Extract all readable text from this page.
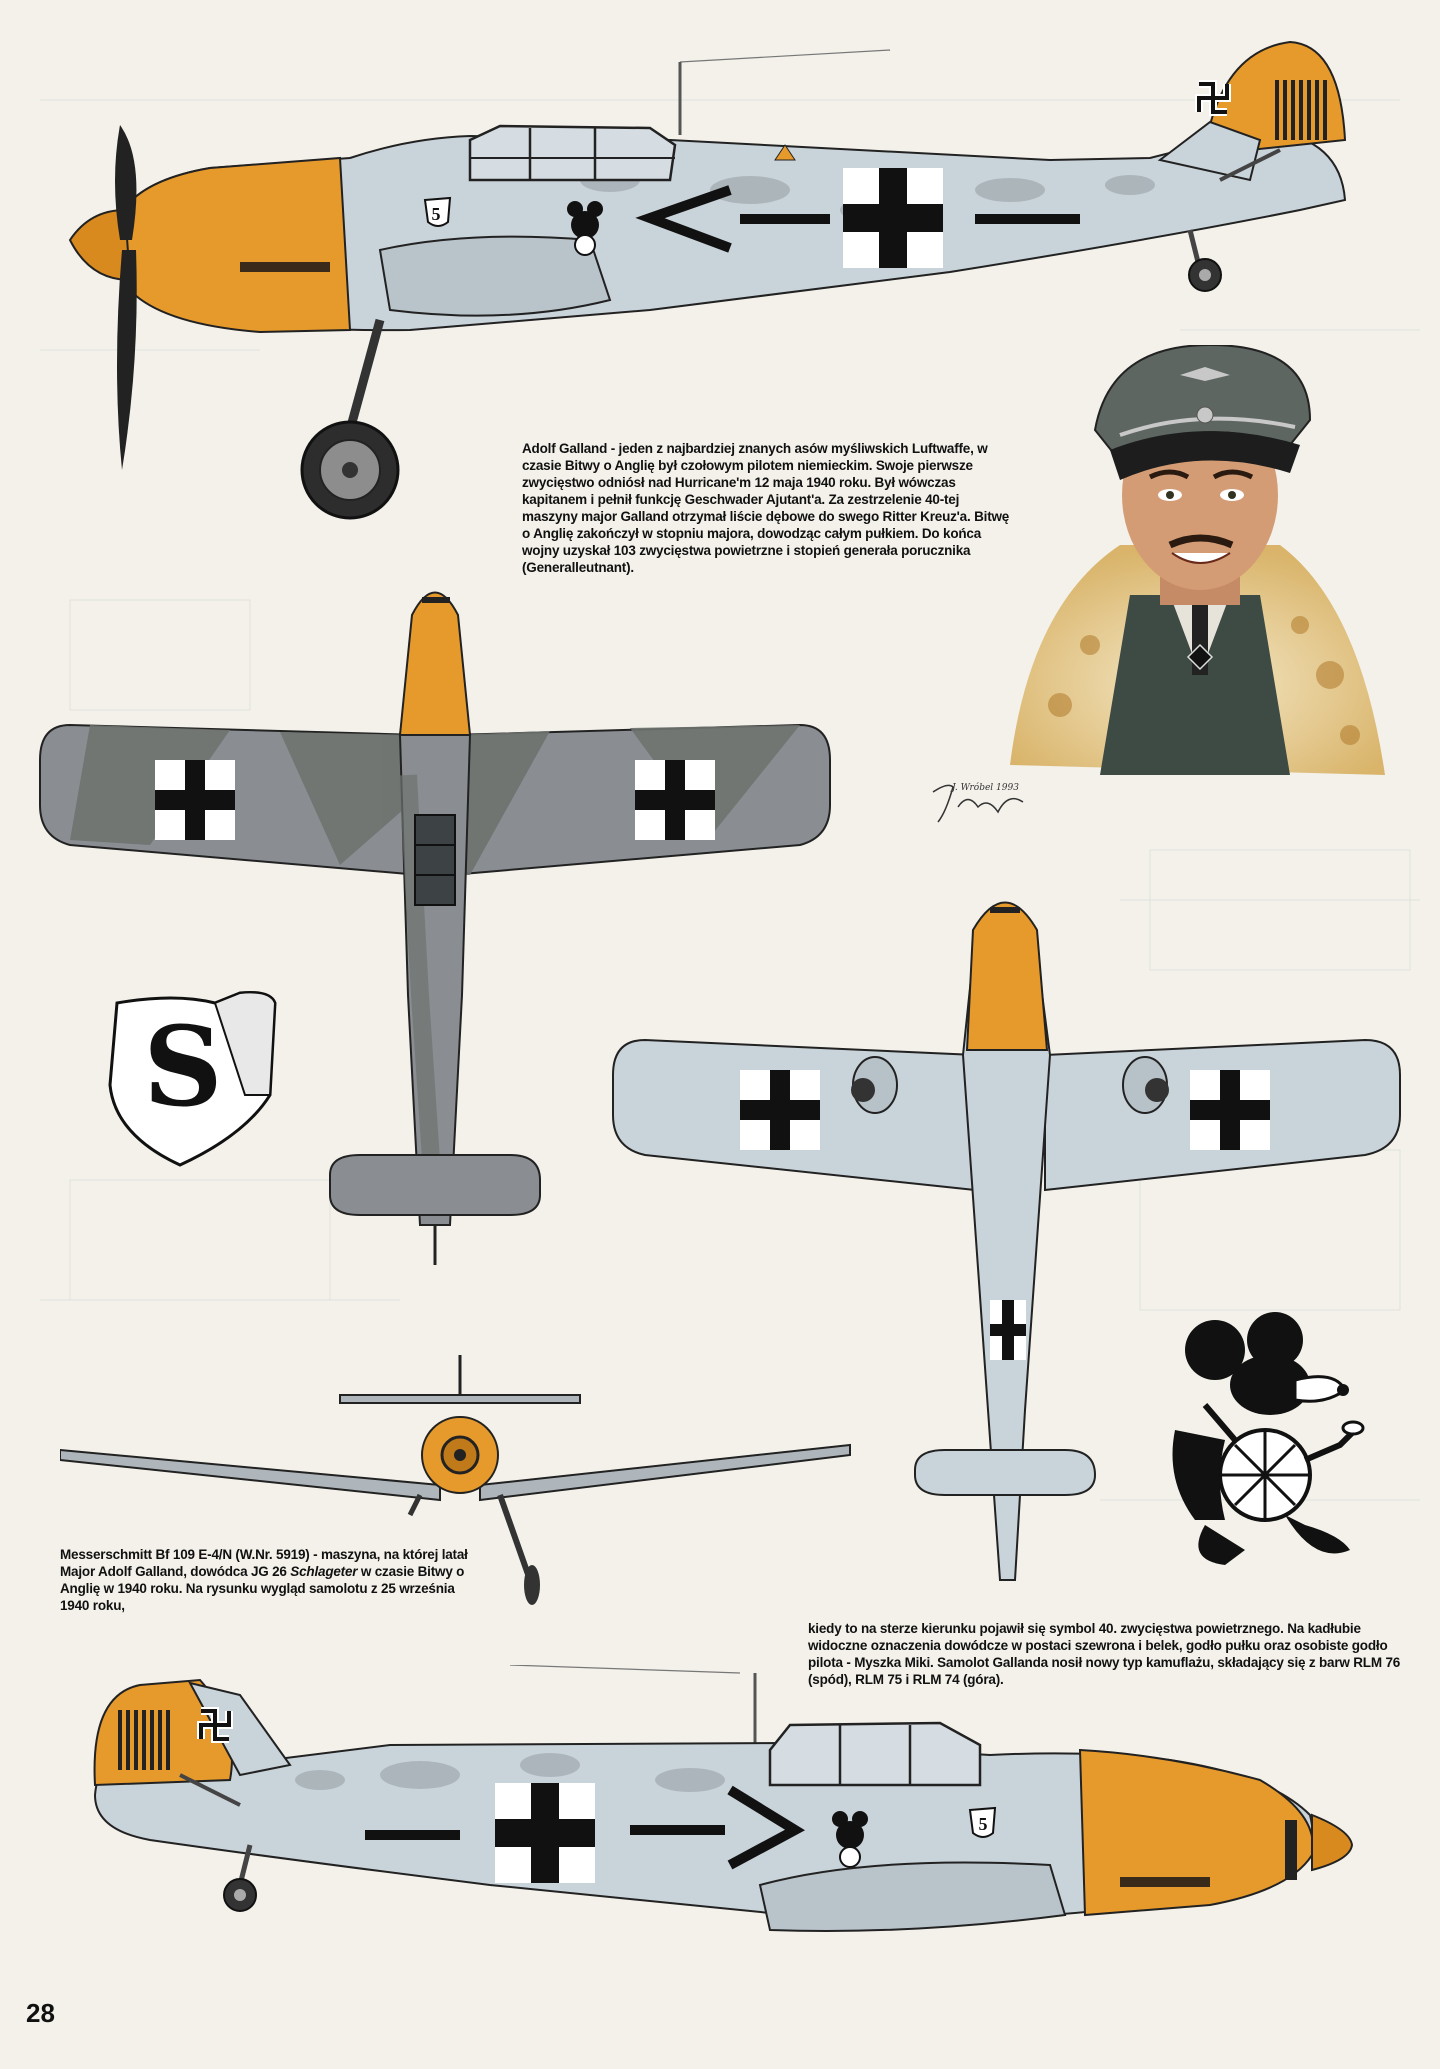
5
J. Wróbel 1993
S
5
Adolf Galland - jeden z najbardziej znanych asów myśliwskich Luftwaffe, w czasie Bitwy o Anglię był czołowym pilotem niemieckim. Swoje pierwsze zwycięstwo odniósł nad Hurricane'm 12 maja 1940 roku. Był wówczas kapitanem i pełnił funkcję Geschwader Ajutant'a. Za zestrzelenie 40-tej maszyny major Galland otrzymał liście dębowe do swego Ritter Kreuz'a. Bitwę o Anglię zakończył w stopniu majora, dowodząc całym pułkiem. Do końca wojny uzyskał 103 zwycięstwa powietrzne i stopień generała porucznika (Generalleutnant).
Messerschmitt Bf 109 E-4/N (W.Nr. 5919) - maszyna, na której latał Major Adolf Galland, dowódca JG 26 Schlageter w czasie Bitwy o Anglię w 1940 roku. Na rysunku wygląd samolotu z 25 września 1940 roku,
kiedy to na sterze kierunku pojawił się symbol 40. zwycięstwa powietrznego. Na kadłubie widoczne oznaczenia dowódcze w postaci szewrona i belek, godło pułku oraz osobiste godło pilota - Myszka Miki. Samolot Gallanda nosił nowy typ kamuflażu, składający się z barw RLM 76 (spód), RLM 75 i RLM 74 (góra).
28
